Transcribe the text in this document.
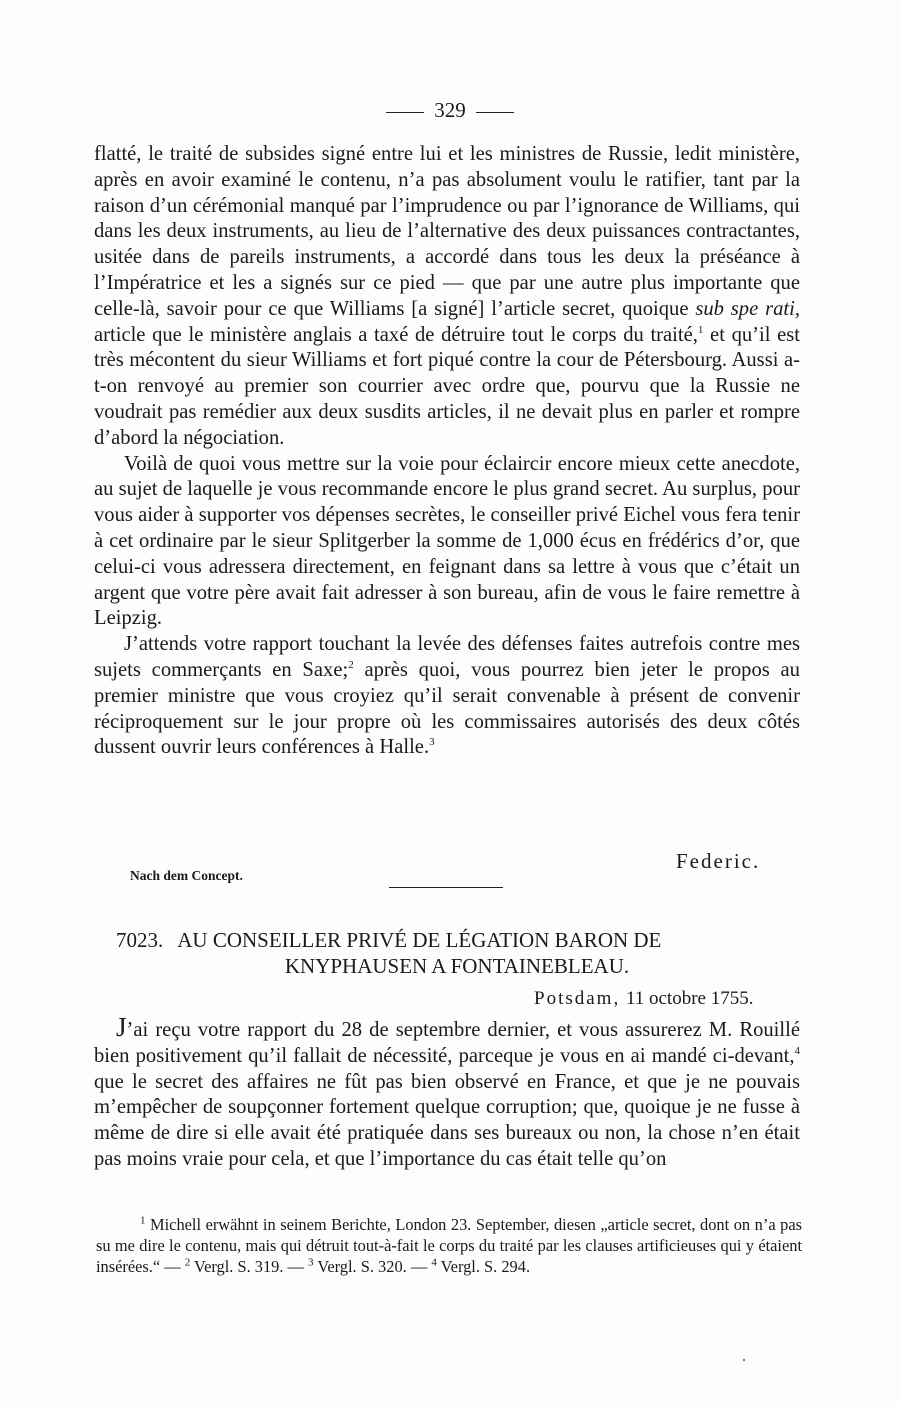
329

flatté, le traité de subsides signé entre lui et les ministres de Russie, ledit ministère, après en avoir examiné le contenu, n’a pas absolument voulu le ratifier, tant par la raison d’un cérémonial manqué par l’imprudence ou par l’ignorance de Williams, qui dans les deux instruments, au lieu de l’alternative des deux puissances contractantes, usitée dans de pareils instruments, a accordé dans tous les deux la préséance à l’Impératrice et les a signés sur ce pied — que par une autre plus importante que celle-là, savoir pour ce que Williams [a signé] l’article secret, quoique sub spe rati, article que le ministère anglais a taxé de détruire tout le corps du traité,$^1$ et qu’il est très mécontent du sieur Williams et fort piqué contre la cour de Pétersbourg. Aussi a-t-on renvoyé au premier son courrier avec ordre que, pourvu que la Russie ne voudrait pas remédier aux deux susdits articles, il ne devait plus en parler et rompre d’abord la négociation.

Voilà de quoi vous mettre sur la voie pour éclaircir encore mieux cette anecdote, au sujet de laquelle je vous recommande encore le plus grand secret. Au surplus, pour vous aider à supporter vos dépenses secrètes, le conseiller privé Eichel vous fera tenir à cet ordinaire par le sieur Splitgerber la somme de 1,000 écus en frédérics d’or, que celui-ci vous adressera directement, en feignant dans sa lettre à vous que c’était un argent que votre père avait fait adresser à son bureau, afin de vous le faire remettre à Leipzig.

J’attends votre rapport touchant la levée des défenses faites autrefois contre mes sujets commerçants en Saxe;$^2$ après quoi, vous pourrez bien jeter le propos au premier ministre que vous croyiez qu’il serait convenable à présent de convenir réciproquement sur le jour propre où les commissaires autorisés des deux côtés dussent ouvrir leurs conférences à Halle.$^3$

Federic.
Nach dem Concept.
7023. AU CONSEILLER PRIVÉ DE LÉGATION BARON DE
KNYPHAUSEN A FONTAINEBLEAU.
Potsdam, 11 octobre 1755.

J’ai reçu votre rapport du 28 de septembre dernier, et vous assurerez M. Rouillé bien positivement qu’il fallait de nécessité, parceque je vous en ai mandé ci-devant,$^4$ que le secret des affaires ne fût pas bien observé en France, et que je ne pouvais m’empêcher de soupçonner fortement quelque corruption; que, quoique je ne fusse à même de dire si elle avait été pratiquée dans ses bureaux ou non, la chose n’en était pas moins vraie pour cela, et que l’importance du cas était telle qu’on

$^1$ Michell erwähnt in seinem Berichte, London 23. September, diesen „article secret, dont on n’a pas su me dire le contenu, mais qui détruit tout-à-fait le corps du traité par les clauses artificieuses qui y étaient insérées.“ — $^2$ Vergl. S. 319. — $^3$ Vergl. S. 320. — $^4$ Vergl. S. 294.
